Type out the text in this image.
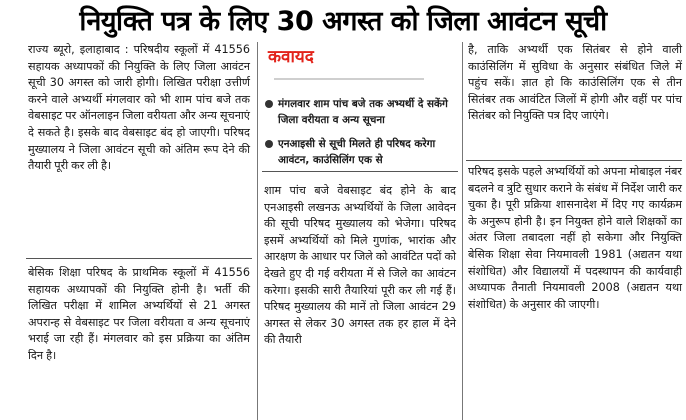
नियुक्ति पत्र के लिए 30 अगस्त को जिला आवंटन सूची

राज्य ब्यूरो, इलाहाबाद : परिषदीय स्कूलों में 41556 सहायक अध्यापकों की नियुक्ति के लिए जिला आवंटन सूची 30 अगस्त को जारी होगी। लिखित परीक्षा उत्तीर्ण करने वाले अभ्यर्थी मंगलवार को भी शाम पांच बजे तक वेबसाइट पर ऑनलाइन जिला वरीयता और अन्य सूचनाएं दे सकते है। इसके बाद वेबसाइट बंद हो जाएगी। परिषद मुख्यालय ने जिला आवंटन सूची को अंतिम रूप देने की तैयारी पूरी कर ली है।

बेसिक शिक्षा परिषद के प्राथमिक स्कूलों में 41556 सहायक अध्यापकों की नियुक्ति होनी है। भर्ती की लिखित परीक्षा में शामिल अभ्यर्थियों से 21 अगस्त अपरान्ह से वेबसाइट पर जिला वरीयता व अन्य सूचनाएं भराई जा रही हैं। मंगलवार को इस प्रक्रिया का अंतिम दिन है।

कवायद
मंगलवार शाम पांच बजे तक अभ्यर्थी दे सकेंगे जिला वरीयता व अन्य सूचना
एनआइसी से सूची मिलते ही परिषद करेगा आवंटन, काउंसिलिंग एक से

शाम पांच बजे वेबसाइट बंद होने के बाद एनआइसी लखनऊ अभ्यर्थियों के जिला आवेदन की सूची परिषद मुख्यालय को भेजेगा। परिषद इसमें अभ्यर्थियों को मिले गुणांक, भारांक और आरक्षण के आधार पर जिले को आवंटित पदों को देखते हुए दी गई वरीयता में से जिले का आवंटन करेगा। इसकी सारी तैयारियां पूरी कर ली गई हैं। परिषद मुख्यालय की मानें तो जिला आवंटन 29 अगस्त से लेकर 30 अगस्त तक हर हाल में देने की तैयारी

है, ताकि अभ्यर्थी एक सितंबर से होने वाली काउंसिलिंग में सुविधा के अनुसार संबंधित जिले में पहुंच सकें। ज्ञात हो कि काउंसिलिंग एक से तीन सितंबर तक आवंटित जिलों में होगी और वहीं पर पांच सितंबर को नियुक्ति पत्र दिए जाएंगे।

परिषद इसके पहले अभ्यर्थियों को अपना मोबाइल नंबर बदलने व त्रुटि सुधार कराने के संबंध में निर्देश जारी कर चुका है। पूरी प्रक्रिया शासनादेश में दिए गए कार्यक्रम के अनुरूप होनी है। इन नियुक्त होने वाले शिक्षकों का अंतर जिला तबादला नहीं हो सकेगा और नियुक्ति बेसिक शिक्षा सेवा नियमावली 1981 (अद्यतन यथा संशोधित) और विद्यालयों में पदस्थापन की कार्यवाही अध्यापक तैनाती नियमावली 2008 (अद्यतन यथा संशोधित) के अनुसार की जाएगी।
